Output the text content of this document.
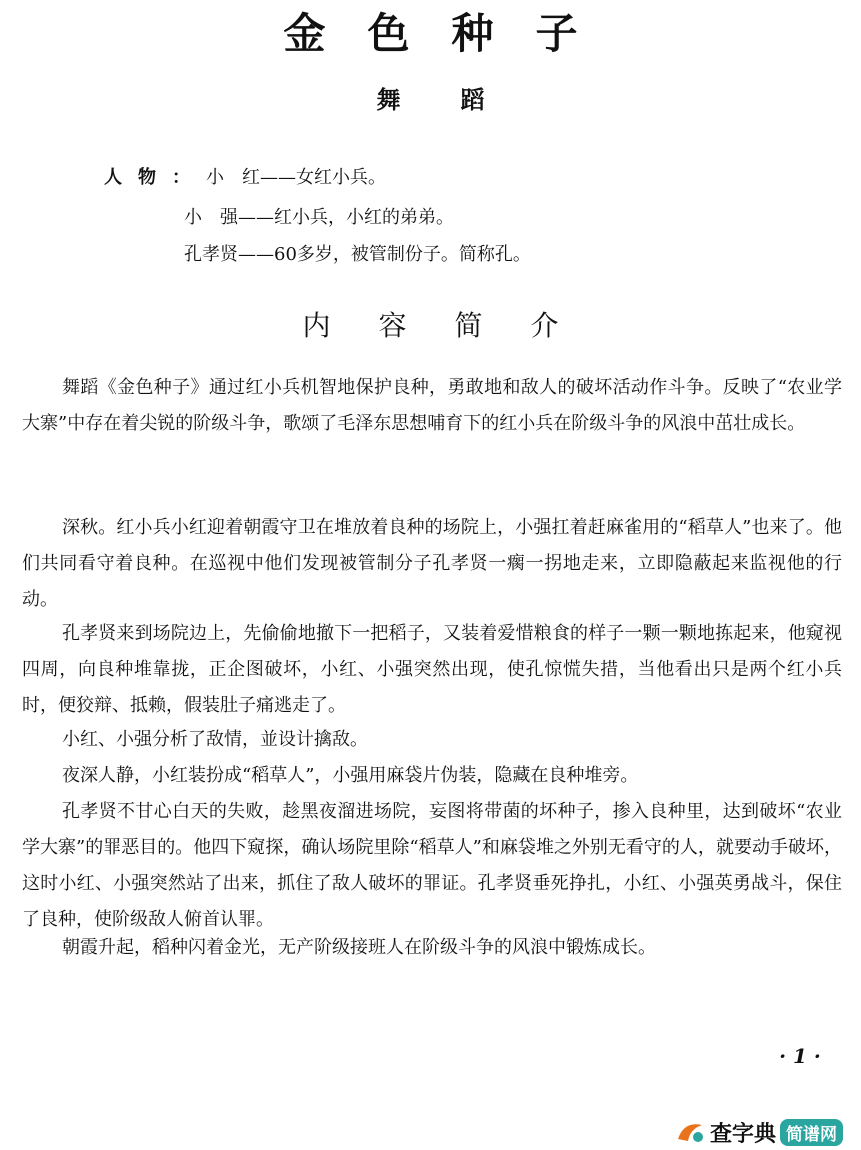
金色种子
舞蹈
人物：小　红——女红小兵。
小　强——红小兵，小红的弟弟。
孔孝贤——60多岁，被管制份子。简称孔。
内容简介

舞蹈《金色种子》通过红小兵机智地保护良种，勇敢地和敌人的破坏活动作斗争。反映了“农业学大寨”中存在着尖锐的阶级斗争，歌颂了毛泽东思想哺育下的红小兵在阶级斗争的风浪中茁壮成长。

深秋。红小兵小红迎着朝霞守卫在堆放着良种的场院上，小强扛着赶麻雀用的“稻草人”也来了。他们共同看守着良种。在巡视中他们发现被管制分子孔孝贤一瘸一拐地走来，立即隐蔽起来监视他的行动。

孔孝贤来到场院边上，先偷偷地撤下一把稻子，又装着爱惜粮食的样子一颗一颗地拣起来，他窥视四周，向良种堆靠拢，正企图破坏，小红、小强突然出现，使孔惊慌失措，当他看出只是两个红小兵时，便狡辩、抵赖，假装肚子痛逃走了。

小红、小强分析了敌情，並设计擒敌。

夜深人静，小红装扮成“稻草人”，小强用麻袋片伪装，隐藏在良种堆旁。

孔孝贤不甘心白天的失败，趁黑夜溜进场院，妄图将带菌的坏种子，掺入良种里，达到破坏“农业学大寨”的罪恶目的。他四下窥探，确认场院里除“稻草人”和麻袋堆之外别无看守的人，就要动手破坏，这时小红、小强突然站了出来，抓住了敌人破坏的罪证。孔孝贤垂死挣扎，小红、小强英勇战斗，保住了良种，使阶级敌人俯首认罪。

朝霞升起，稻种闪着金光，无产阶级接班人在阶级斗争的风浪中锻炼成长。

· 1 ·
查字典 简谱网
